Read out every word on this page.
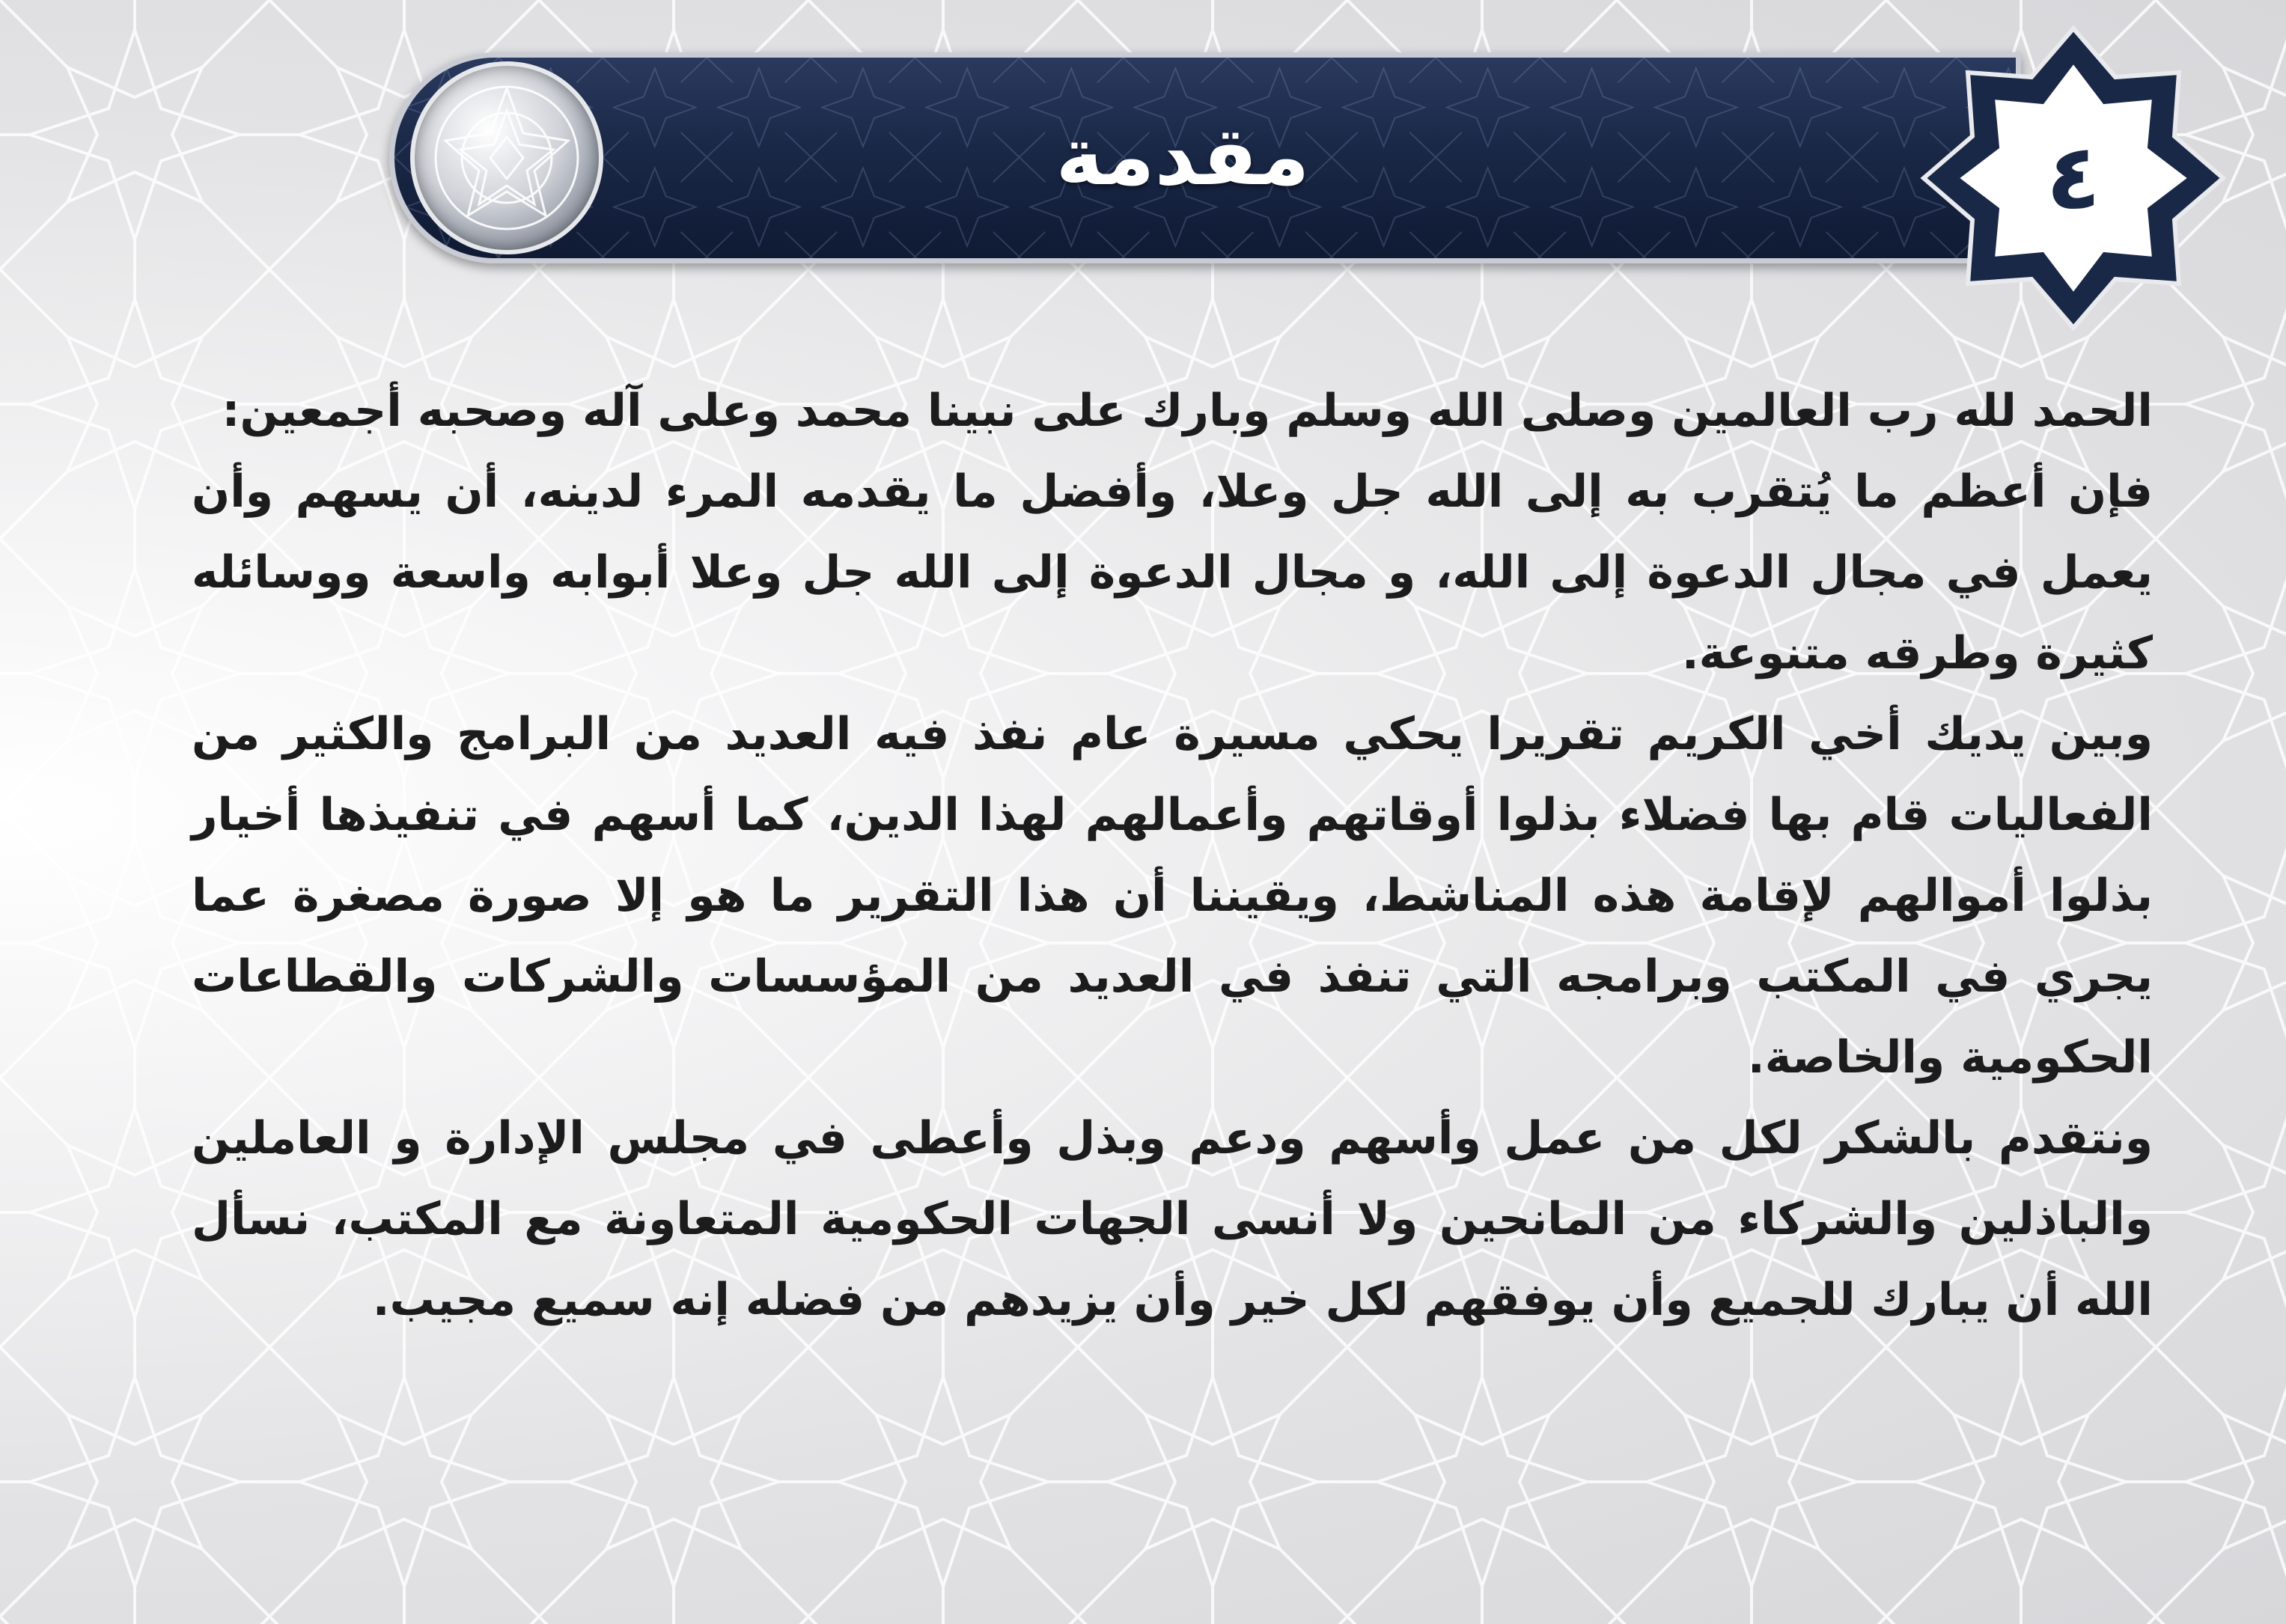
مقدمة	٤

الحمد لله رب العالمين وصلى الله وسلم وبارك على نبينا محمد وعلى آله وصحبه أجمعين:

فإن أعظم ما يُتقرب به إلى الله جل وعلا، وأفضل ما يقدمه المرء لدينه، أن يسهم وأن يعمل في مجال الدعوة إلى الله، و مجال الدعوة إلى الله جل وعلا أبوابه واسعة ووسائله كثيرة وطرقه متنوعة.

وبين يديك أخي الكريم تقريرا يحكي مسيرة عام نفذ فيه العديد من البرامج والكثير من الفعاليات قام بها فضلاء بذلوا أوقاتهم وأعمالهم لهذا الدين، كما أسهم في تنفيذها أخيار بذلوا أموالهم لإقامة هذه المناشط، ويقيننا أن هذا التقرير ما هو إلا صورة مصغرة عما يجري في المكتب وبرامجه التي تنفذ في العديد من المؤسسات والشركات والقطاعات الحكومية والخاصة.

ونتقدم بالشكر لكل من عمل وأسهم ودعم وبذل وأعطى في مجلس الإدارة و العاملين والباذلين والشركاء من المانحين ولا أنسى الجهات الحكومية المتعاونة مع المكتب، نسأل الله أن يبارك للجميع وأن يوفقهم لكل خير وأن يزيدهم من فضله إنه سميع مجيب.
